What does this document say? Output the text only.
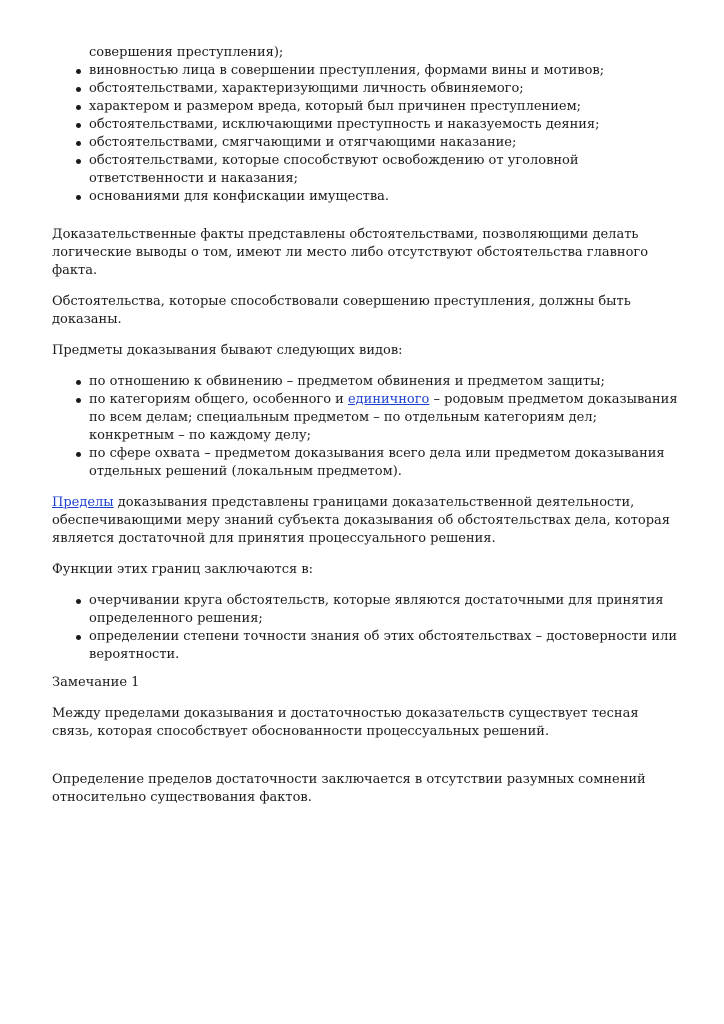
совершения преступления);
виновностью лица в совершении преступления, формами вины и мотивов;
обстоятельствами, характеризующими личность обвиняемого;
характером и размером вреда, который был причинен преступлением;
обстоятельствами, исключающими преступность и наказуемость деяния;
обстоятельствами, смягчающими и отягчающими наказание;
обстоятельствами, которые способствуют освобождению от уголовной ответственности и наказания;
основаниями для конфискации имущества.

Доказательственные факты представлены обстоятельствами, позволяющими делать логические выводы о том, имеют ли место либо отсутствуют обстоятельства главного факта.

Обстоятельства, которые способствовали совершению преступления, должны быть доказаны.

Предметы доказывания бывают следующих видов:

по отношению к обвинению – предметом обвинения и предметом защиты;
по категориям общего, особенного и единичного – родовым предметом доказывания по всем делам; специальным предметом – по отдельным категориям дел; конкретным – по каждому делу;
по сфере охвата – предметом доказывания всего дела или предметом доказывания отдельных решений (локальным предметом).

Пределы доказывания представлены границами доказательственной деятельности, обеспечивающими меру знаний субъекта доказывания об обстоятельствах дела, которая является достаточной для принятия процессуального решения.

Функции этих границ заключаются в:

очерчивании круга обстоятельств, которые являются достаточными для принятия определенного решения;
определении степени точности знания об этих обстоятельствах – достоверности или вероятности.

Замечание 1

Между пределами доказывания и достаточностью доказательств существует тесная связь, которая способствует обоснованности процессуальных решений.

Определение пределов достаточности заключается в отсутствии разумных сомнений относительно существования фактов.
